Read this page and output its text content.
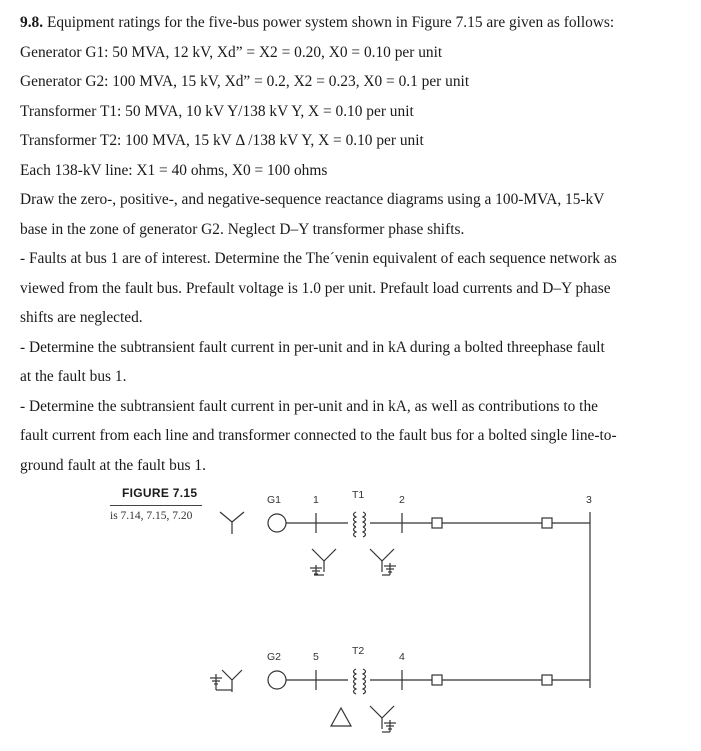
9.8. Equipment ratings for the five-bus power system shown in Figure 7.15 are given as follows:
Generator G1: 50 MVA, 12 kV, Xd” = X2 = 0.20, X0 = 0.10 per unit
Generator G2: 100 MVA, 15 kV, Xd” = 0.2, X2 = 0.23, X0 = 0.1 per unit
Transformer T1: 50 MVA, 10 kV Y/138 kV Y, X = 0.10 per unit
Transformer T2: 100 MVA, 15 kV Δ /138 kV Y, X = 0.10 per unit
Each 138-kV line: X1 = 40 ohms, X0 = 100 ohms
Draw the zero-, positive-, and negative-sequence reactance diagrams using a 100-MVA, 15-kV
base in the zone of generator G2. Neglect D–Y transformer phase shifts.
- Faults at bus 1 are of interest. Determine the The´venin equivalent of each sequence network as
viewed from the fault bus. Prefault voltage is 1.0 per unit. Prefault load currents and D–Y phase
shifts are neglected.
- Determine the subtransient fault current in per-unit and in kA during a bolted threephase fault
at the fault bus 1.
- Determine the subtransient fault current in per-unit and in kA, as well as contributions to the
fault current from each line and transformer connected to the fault bus for a bolted single line-to-
ground fault at the fault bus 1.
FIGURE 7.15
is 7.14, 7.15, 7.20
G1	1	T1	2	3
G2	5	T2	4
